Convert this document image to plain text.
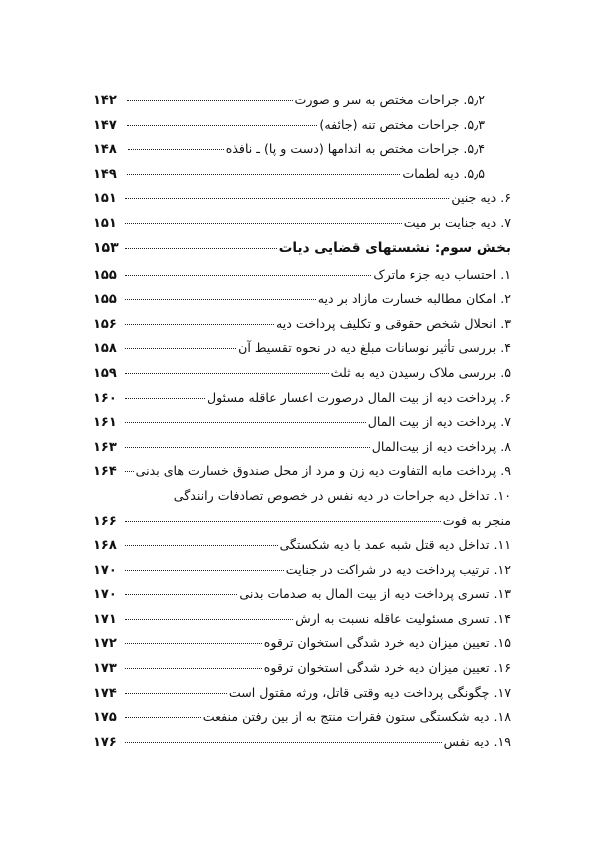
۵٫۲. جراحات مختص به سر و صورت
۱۴۲
۵٫۳. جراحات مختص تنه (جائفه)
۱۴۷
۵٫۴. جراحات مختص به اندامها (دست و پا) ـ نافذه
۱۴۸
۵٫۵. دیه لطمات
۱۴۹
۶. دیه جنین
۱۵۱
۷. دیه جنایت بر میت
۱۵۱
بخش سوم: نشستهای قضایی دیات
۱۵۳
۱. احتساب دیه جزء ماترک
۱۵۵
۲. امکان مطالبه خسارت مازاد بر دیه
۱۵۵
۳. انحلال شخص حقوقی و تکلیف پرداخت دیه
۱۵۶
۴. بررسی تأثیر نوسانات مبلغ دیه در نحوه تقسیط آن
۱۵۸
۵. بررسی ملاک رسیدن دیه به ثلث
۱۵۹
۶. پرداخت دیه از بیت المال درصورت اعسار عاقله مسئول
۱۶۰
۷. پرداخت دیه از بیت المال
۱۶۱
۸. پرداخت دیه از بیت‌المال
۱۶۳
۹. پرداخت مابه التفاوت دیه زن و مرد از محل صندوق خسارت های بدنی
۱۶۴
۱۰. تداخل دیه جراحات در دیه نفس در خصوص تصادفات رانندگی
منجر به فوت
۱۶۶
۱۱. تداخل دیه قتل شبه عمد با دیه شکستگی
۱۶۸
۱۲. ترتیب پرداخت دیه در شراکت در جنایت
۱۷۰
۱۳. تسری پرداخت دیه از بیت المال به صدمات بدنی
۱۷۰
۱۴. تسری مسئولیت عاقله نسبت به ارش
۱۷۱
۱۵. تعیین میزان دیه خرد شدگی استخوان ترقوه
۱۷۲
۱۶. تعیین میزان دیه خرد شدگی استخوان ترقوه
۱۷۳
۱۷. چگونگی پرداخت دیه وقتی قاتل، ورثه مقتول است
۱۷۴
۱۸. دیه شکستگی ستون فقرات منتج به از بین رفتن منفعت
۱۷۵
۱۹. دیه نفس
۱۷۶
